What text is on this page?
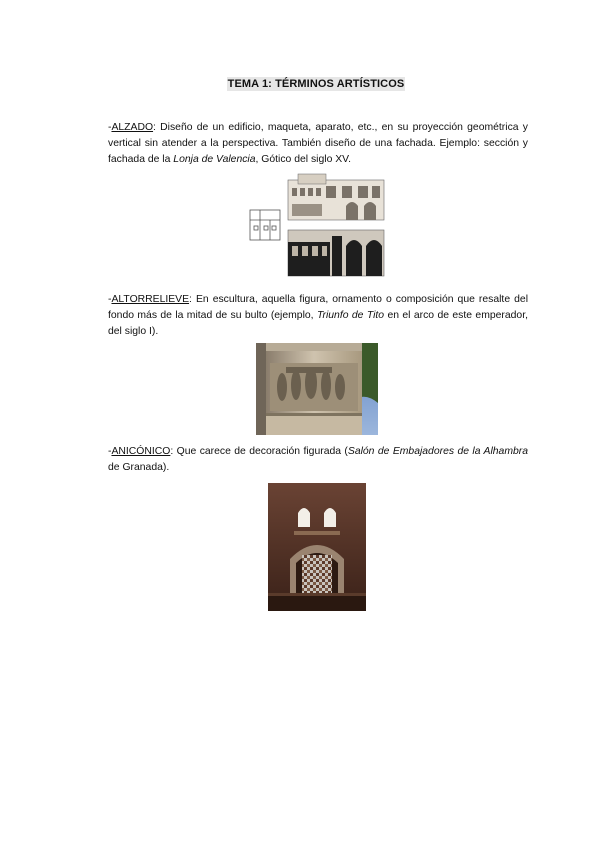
TEMA 1: TÉRMINOS ARTÍSTICOS

-ALZADO: Diseño de un edificio, maqueta, aparato, etc., en su proyección geométrica y vertical sin atender a la perspectiva. También diseño de una fachada. Ejemplo: sección y fachada de la Lonja de Valencia, Gótico del siglo XV.

-ALTORRELIEVE: En escultura, aquella figura, ornamento o composición que resalte del fondo más de la mitad de su bulto (ejemplo, Triunfo de Tito en el arco de este emperador, del siglo I).

-ANICÓNICO: Que carece de decoración figurada (Salón de Embajadores de la Alhambra de Granada).
